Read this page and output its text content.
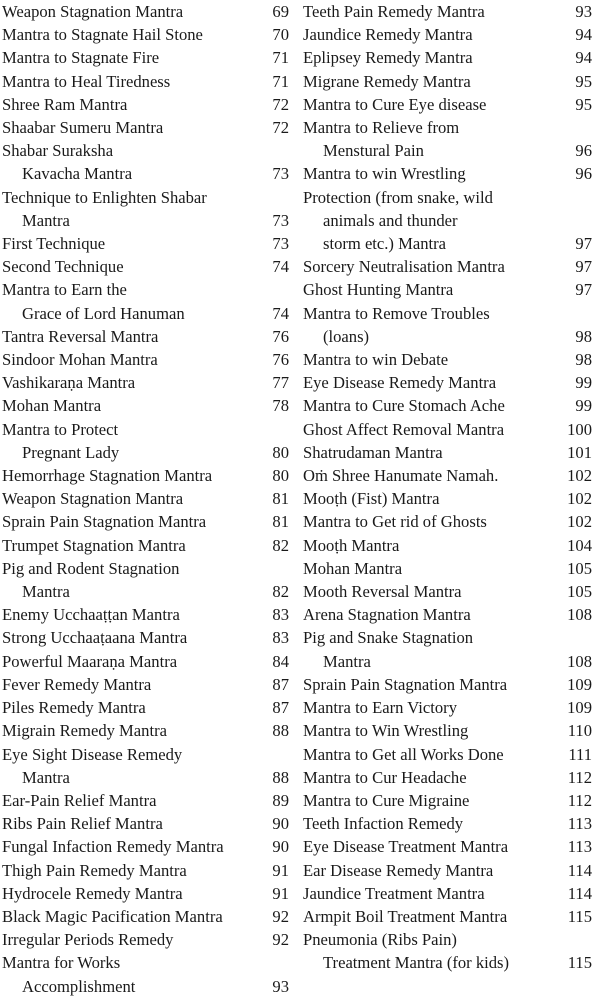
Weapon Stagnation Mantra	69
Mantra to Stagnate Hail Stone	70
Mantra to Stagnate Fire	71
Mantra to Heal Tiredness	71
Shree Ram Mantra	72
Shaabar Sumeru Mantra	72
Shabar Suraksha
Kavacha Mantra	73
Technique to Enlighten Shabar
Mantra	73
First Technique	73
Second Technique	74
Mantra to Earn the
Grace of Lord Hanuman	74
Tantra Reversal Mantra	76
Sindoor Mohan Mantra	76
Vashikaraṇa Mantra	77
Mohan Mantra	78
Mantra to Protect
Pregnant Lady	80
Hemorrhage Stagnation Mantra	80
Weapon Stagnation Mantra	81
Sprain Pain Stagnation Mantra	81
Trumpet Stagnation Mantra	82
Pig and Rodent Stagnation
Mantra	82
Enemy Ucchaaṭṭan Mantra	83
Strong Ucchaaṭaana Mantra	83
Powerful Maaraṇa Mantra	84
Fever Remedy Mantra	87
Piles Remedy Mantra	87
Migrain Remedy Mantra	88
Eye Sight Disease Remedy
Mantra	88
Ear-Pain Relief Mantra	89
Ribs Pain Relief Mantra	90
Fungal Infaction Remedy Mantra	90
Thigh Pain Remedy Mantra	91
Hydrocele Remedy Mantra	91
Black Magic Pacification Mantra	92
Irregular Periods Remedy	92
Mantra for Works
Accomplishment	93
Teeth Pain Remedy Mantra	93
Jaundice Remedy Mantra	94
Eplipsey Remedy Mantra	94
Migrane Remedy Mantra	95
Mantra to Cure Eye disease	95
Mantra to Relieve from
Menstural Pain	96
Mantra to win Wrestling	96
Protection (from snake, wild
animals and thunder
storm etc.) Mantra	97
Sorcery Neutralisation Mantra	97
Ghost Hunting Mantra	97
Mantra to Remove Troubles
(loans)	98
Mantra to win Debate	98
Eye Disease Remedy Mantra	99
Mantra to Cure Stomach Ache	99
Ghost Affect Removal Mantra	100
Shatrudaman Mantra	101
Oṁ Shree Hanumate Namah.	102
Mooṭh (Fist) Mantra	102
Mantra to Get rid of Ghosts	102
Mooṭh Mantra	104
Mohan Mantra	105
Mooth Reversal Mantra	105
Arena Stagnation Mantra	108
Pig and Snake Stagnation
Mantra	108
Sprain Pain Stagnation Mantra	109
Mantra to Earn Victory	109
Mantra to Win Wrestling	110
Mantra to Get all Works Done	111
Mantra to Cur Headache	112
Mantra to Cure Migraine	112
Teeth Infaction Remedy	113
Eye Disease Treatment Mantra	113
Ear Disease Remedy Mantra	114
Jaundice Treatment Mantra	114
Armpit Boil Treatment Mantra	115
Pneumonia (Ribs Pain)
Treatment Mantra (for kids)	115
